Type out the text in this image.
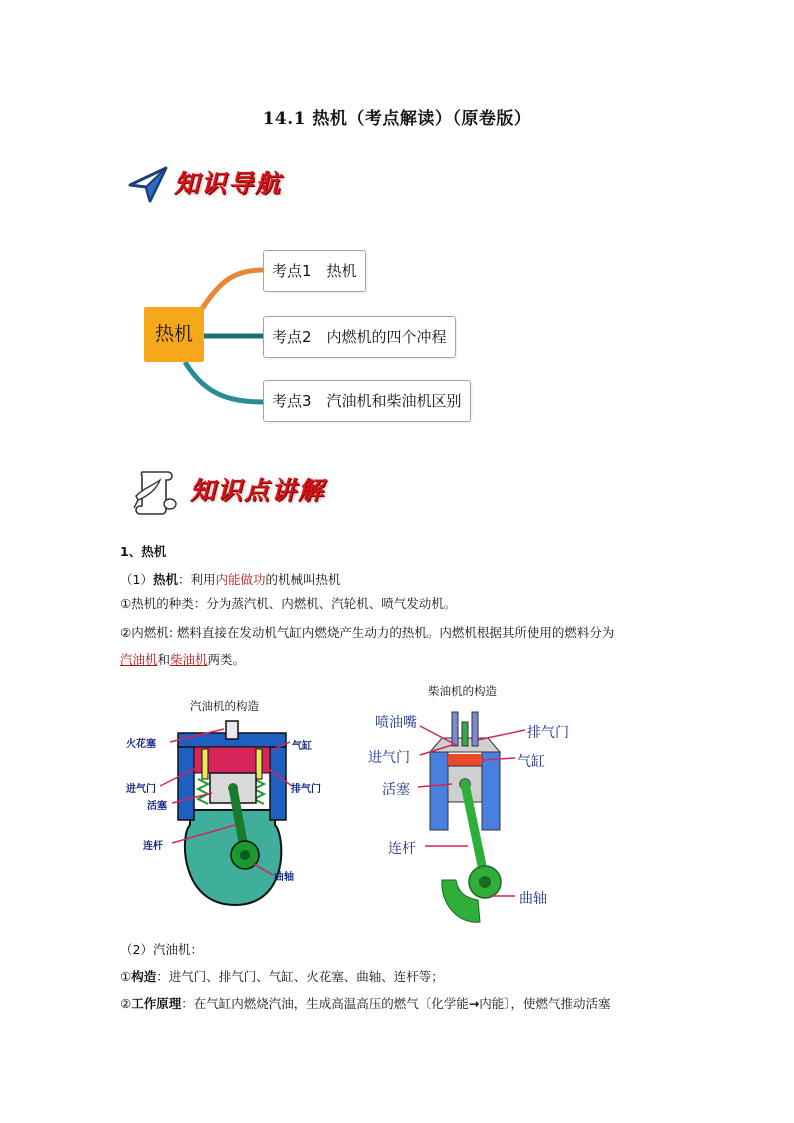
14.1 热机（考点解读）（原卷版）
知识导航
热机
考点1　热机
考点2　内燃机的四个冲程
考点3　汽油机和柴油机区别
知识点讲解
1、热机
（1）热机：利用内能做功的机械叫热机
①热机的种类：分为蒸汽机、内燃机、汽轮机、喷气发动机。
②内燃机: 燃料直接在发动机气缸内燃烧产生动力的热机。内燃机根据其所使用的燃料分为
汽油机和柴油机两类。
汽油机的构造
火花塞	气缸
进气门
活塞
排气门
连杆
曲轴
柴油机的构造
喷油嘴
排气门
进气门	气缸
活塞
连杆
曲轴
（2）汽油机：
①构造：进气门、排气门、气缸、火花塞、曲轴、连杆等；
②工作原理：在气缸内燃烧汽油，生成高温高压的燃气〔化学能→内能〕，使燃气推动活塞
